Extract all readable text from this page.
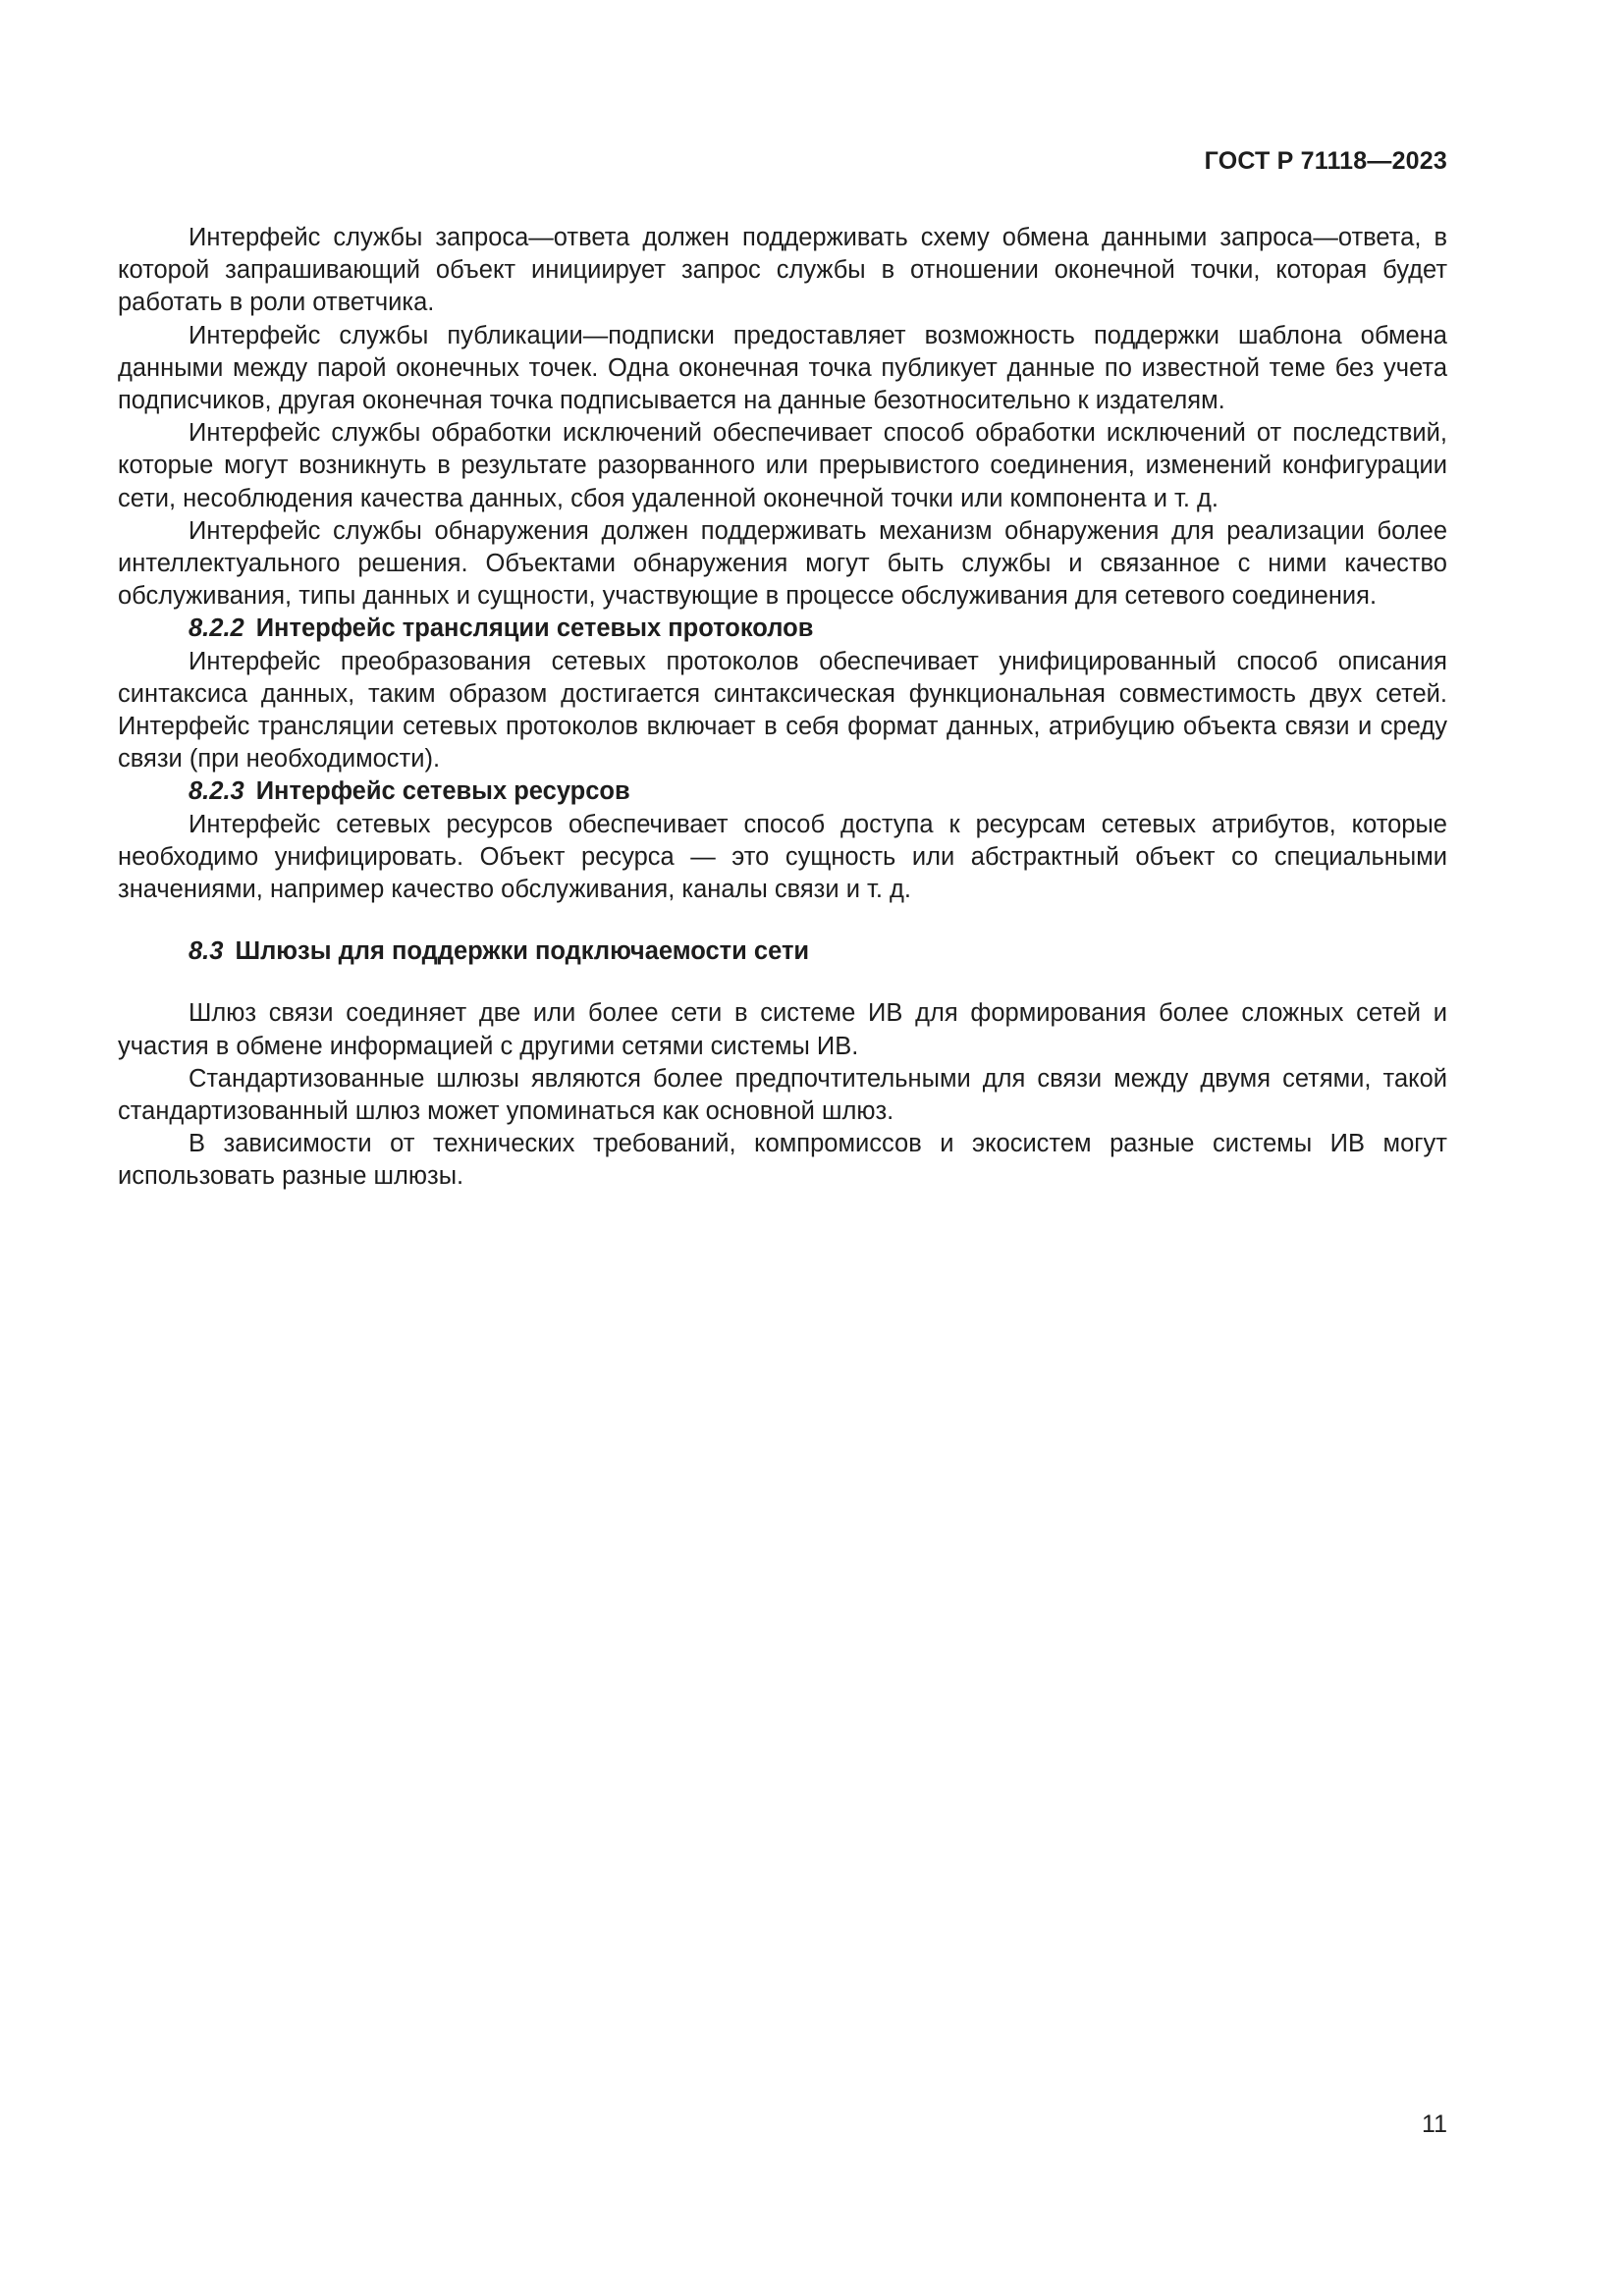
ГОСТ Р 71118—2023

Интерфейс службы запроса—ответа должен поддерживать схему обмена данными запроса—ответа, в которой запрашивающий объект инициирует запрос службы в отношении оконечной точки, которая будет работать в роли ответчика.

Интерфейс службы публикации—подписки предоставляет возможность поддержки шаблона обмена данными между парой оконечных точек. Одна оконечная точка публикует данные по известной теме без учета подписчиков, другая оконечная точка подписывается на данные безотносительно к издателям.

Интерфейс службы обработки исключений обеспечивает способ обработки исключений от последствий, которые могут возникнуть в результате разорванного или прерывистого соединения, изменений конфигурации сети, несоблюдения качества данных, сбоя удаленной оконечной точки или компонента и т. д.

Интерфейс службы обнаружения должен поддерживать механизм обнаружения для реализации более интеллектуального решения. Объектами обнаружения могут быть службы и связанное с ними качество обслуживания, типы данных и сущности, участвующие в процессе обслуживания для сетевого соединения.

8.2.2 Интерфейс трансляции сетевых протоколов

Интерфейс преобразования сетевых протоколов обеспечивает унифицированный способ описания синтаксиса данных, таким образом достигается синтаксическая функциональная совместимость двух сетей. Интерфейс трансляции сетевых протоколов включает в себя формат данных, атрибуцию объекта связи и среду связи (при необходимости).

8.2.3 Интерфейс сетевых ресурсов

Интерфейс сетевых ресурсов обеспечивает способ доступа к ресурсам сетевых атрибутов, которые необходимо унифицировать. Объект ресурса — это сущность или абстрактный объект со специальными значениями, например качество обслуживания, каналы связи и т. д.

8.3 Шлюзы для поддержки подключаемости сети

Шлюз связи соединяет две или более сети в системе ИВ для формирования более сложных сетей и участия в обмене информацией с другими сетями системы ИВ.

Стандартизованные шлюзы являются более предпочтительными для связи между двумя сетями, такой стандартизованный шлюз может упоминаться как основной шлюз.

В зависимости от технических требований, компромиссов и экосистем разные системы ИВ могут использовать разные шлюзы.

11
